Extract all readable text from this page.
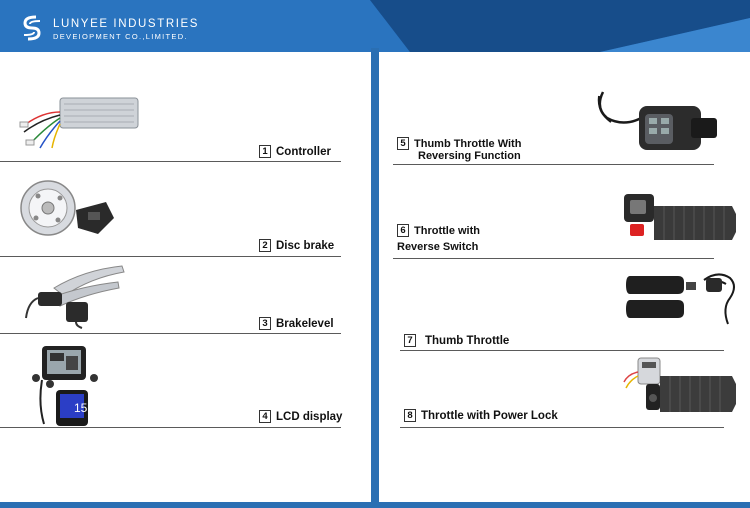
LUNYEE INDUSTRIES
DEVEIOPMENT CO.,LIMITED.
1 Controller
2 Disc brake
3 Brakelevel
15
4 LCD display
5 Thumb Throttle With
Reversing Function
6 Throttle with
Reverse Switch
7	Thumb Throttle
8 Throttle with Power Lock
